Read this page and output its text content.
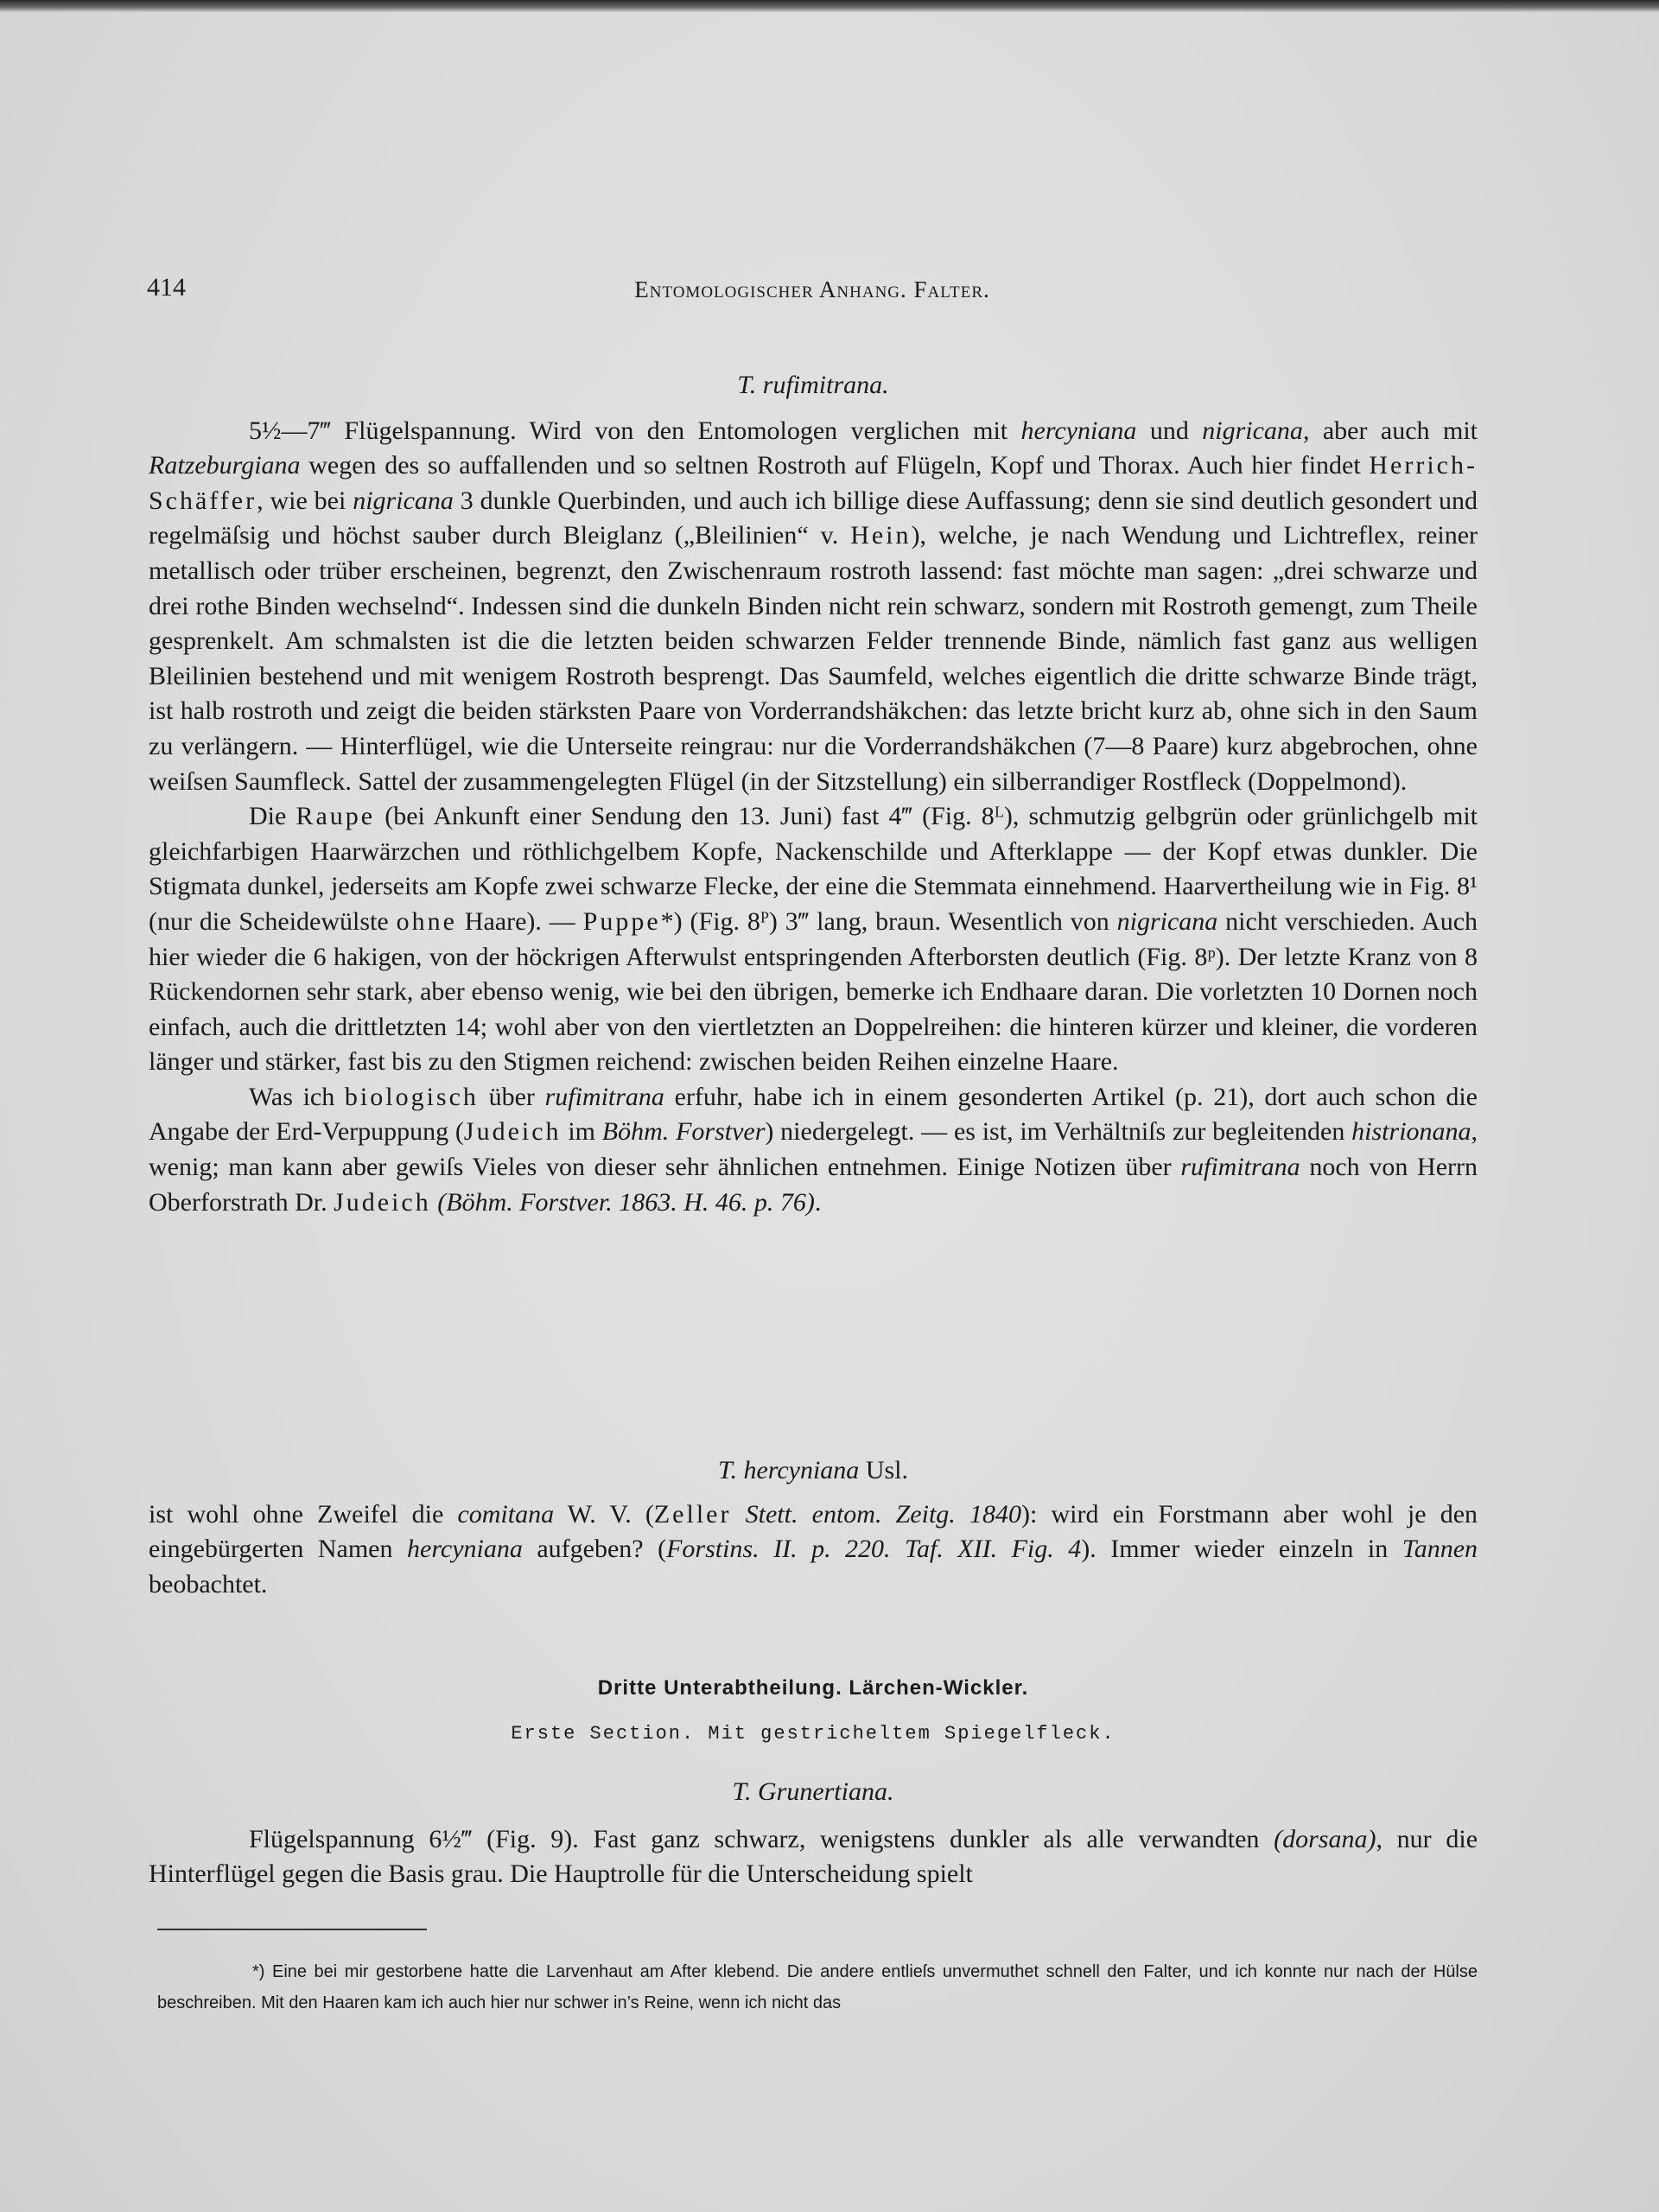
414	Entomologischer Anhang. Falter.

T. rufimitrana.

5½—7‴ Flügelspannung. Wird von den Entomologen verglichen mit hercyniana und nigricana, aber auch mit Ratzeburgiana wegen des so auffallenden und so seltnen Rostroth auf Flügeln, Kopf und Thorax. Auch hier findet Herrich-Schäffer, wie bei nigricana 3 dunkle Querbinden, und auch ich billige diese Auffassung; denn sie sind deutlich gesondert und regelmäſsig und höchst sauber durch Bleiglanz („Bleilinien“ v. Hein), welche, je nach Wendung und Lichtreflex, reiner metallisch oder trüber erscheinen, begrenzt, den Zwischenraum rostroth lassend: fast möchte man sagen: „drei schwarze und drei rothe Binden wechselnd“. Indessen sind die dunkeln Binden nicht rein schwarz, sondern mit Rostroth gemengt, zum Theile gesprenkelt. Am schmalsten ist die die letzten beiden schwarzen Felder trennende Binde, nämlich fast ganz aus welligen Bleilinien bestehend und mit wenigem Rostroth besprengt. Das Saumfeld, welches eigentlich die dritte schwarze Binde trägt, ist halb rostroth und zeigt die beiden stärksten Paare von Vorderrandshäkchen: das letzte bricht kurz ab, ohne sich in den Saum zu verlängern. — Hinterflügel, wie die Unterseite reingrau: nur die Vorderrandshäkchen (7—8 Paare) kurz abgebrochen, ohne weiſsen Saumfleck. Sattel der zusammengelegten Flügel (in der Sitzstellung) ein silberrandiger Rostfleck (Doppelmond).

Die Raupe (bei Ankunft einer Sendung den 13. Juni) fast 4‴ (Fig. 8ᴸ), schmutzig gelbgrün oder grünlichgelb mit gleichfarbigen Haarwärzchen und röthlichgelbem Kopfe, Nackenschilde und Afterklappe — der Kopf etwas dunkler. Die Stigmata dunkel, jederseits am Kopfe zwei schwarze Flecke, der eine die Stemmata einnehmend. Haarvertheilung wie in Fig. 8¹ (nur die Scheidewülste ohne Haare). — Puppe*) (Fig. 8ᴾ) 3‴ lang, braun. Wesentlich von nigricana nicht verschieden. Auch hier wieder die 6 hakigen, von der höckrigen Afterwulst entspringenden Afterborsten deutlich (Fig. 8ᵖ). Der letzte Kranz von 8 Rückendornen sehr stark, aber ebenso wenig, wie bei den übrigen, bemerke ich Endhaare daran. Die vorletzten 10 Dornen noch einfach, auch die drittletzten 14; wohl aber von den viertletzten an Doppelreihen: die hinteren kürzer und kleiner, die vorderen länger und stärker, fast bis zu den Stigmen reichend: zwischen beiden Reihen einzelne Haare.

Was ich biologisch über rufimitrana erfuhr, habe ich in einem gesonderten Artikel (p. 21), dort auch schon die Angabe der Erd-Verpuppung (Judeich im Böhm. Forstver) niedergelegt. — es ist, im Verhältniſs zur begleitenden histrionana, wenig; man kann aber gewiſs Vieles von dieser sehr ähnlichen entnehmen. Einige Notizen über rufimitrana noch von Herrn Oberforstrath Dr. Judeich (Böhm. Forstver. 1863. H. 46. p. 76).

T. hercyniana Usl.

ist wohl ohne Zweifel die comitana W. V. (Zeller Stett. entom. Zeitg. 1840): wird ein Forstmann aber wohl je den eingebürgerten Namen hercyniana aufgeben? (Forstins. II. p. 220. Taf. XII. Fig. 4). Immer wieder einzeln in Tannen beobachtet.

Dritte Unterabtheilung. Lärchen-Wickler.
Erste Section. Mit gestricheltem Spiegelfleck.

T. Grunertiana.

Flügelspannung 6½‴ (Fig. 9). Fast ganz schwarz, wenigstens dunkler als alle verwandten (dorsana), nur die Hinterflügel gegen die Basis grau. Die Hauptrolle für die Unterscheidung spielt

*) Eine bei mir gestorbene hatte die Larvenhaut am After klebend. Die andere entlieſs unvermuthet schnell den Falter, und ich konnte nur nach der Hülse beschreiben. Mit den Haaren kam ich auch hier nur schwer in’s Reine, wenn ich nicht das
